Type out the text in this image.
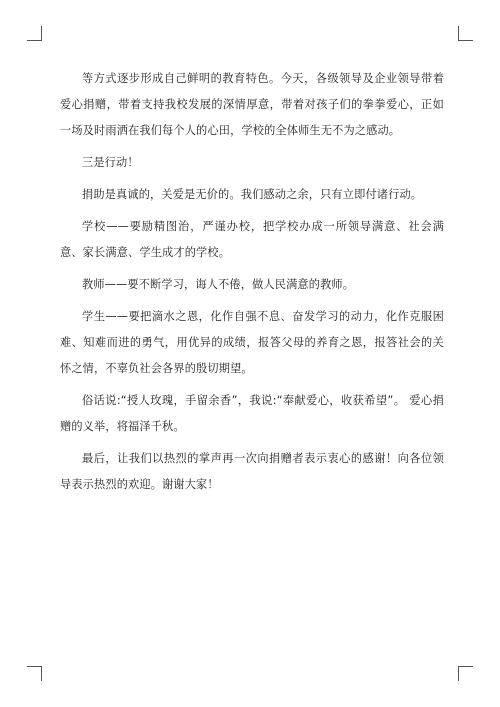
等方式逐步形成自己鲜明的教育特色。今天，各级领导及企业领导带着爱心捐赠，带着支持我校发展的深情厚意，带着对孩子们的拳拳爱心，正如一场及时雨洒在我们每个人的心田，学校的全体师生无不为之感动。

三是行动！

捐助是真诚的，关爱是无价的。我们感动之余，只有立即付诸行动。

学校——要励精图治，严谨办校，把学校办成一所领导满意、社会满意、家长满意、学生成才的学校。

教师——要不断学习，诲人不倦，做人民满意的教师。

学生——要把滴水之恩，化作自强不息、奋发学习的动力，化作克服困难、知难而进的勇气，用优异的成绩，报答父母的养育之恩，报答社会的关怀之情，不辜负社会各界的殷切期望。

俗话说:“授人玫瑰，手留余香”，我说:“奉献爱心，收获希望”。 爱心捐赠的义举，将福泽千秋。

最后，让我们以热烈的掌声再一次向捐赠者表示衷心的感谢！向各位领导表示热烈的欢迎。谢谢大家！
